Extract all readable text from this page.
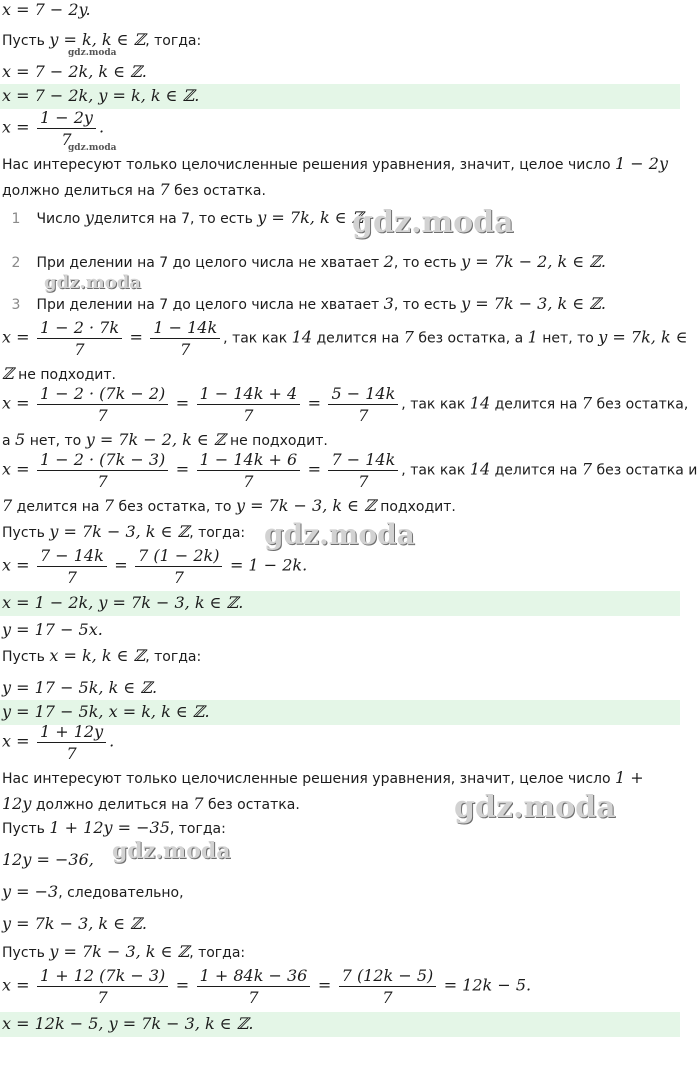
x = 7 − 2y.
Пусть y = k, k ∈ ℤ, тогда:
gdz.moda
x = 7 − 2k, k ∈ ℤ.
x = 7 − 2k, y = k, k ∈ ℤ.
$x = \frac{1 - 2y}{7}$ .
gdz.moda
Нас интересуют только целочисленные решения уравнения, значит, целое число 1 − 2y
должно делиться на 7 без остатка.
1 Число yделится на 7, то есть y = 7k, k ∈ ℤ.
2 При делении на 7 до целого числа не хватает 2, то есть y = 7k − 2, k ∈ ℤ.
3 При делении на 7 до целого числа не хватает 3, то есть y = 7k − 3, k ∈ ℤ.
$x = \frac{1 - 2 \cdot 7k}{7} = \frac{1 - 14k}{7}$ , так как 14 делится на 7 без остатка, а 1 нет, то y = 7k, k ∈
ℤ не подходит.
$x = \frac{1 - 2 \cdot (7k - 2)}{7} = \frac{1 - 14k + 4}{7} = \frac{5 - 14k}{7}$ , так как 14 делится на 7 без остатка,
а 5 нет, то y = 7k − 2, k ∈ ℤ не подходит.
$x = \frac{1 - 2 \cdot (7k - 3)}{7} = \frac{1 - 14k + 6}{7} = \frac{7 - 14k}{7}$ , так как 14 делится на 7 без остатка и
7 делится на 7 без остатка, то y = 7k − 3, k ∈ ℤ подходит.
Пусть y = 7k − 3, k ∈ ℤ, тогда:
$x = \frac{7 - 14k}{7} = \frac{7 (1 - 2k)}{7} = 1 - 2k$.
x = 1 − 2k, y = 7k − 3, k ∈ ℤ.
y = 17 − 5x.
Пусть x = k, k ∈ ℤ, тогда:
y = 17 − 5k, k ∈ ℤ.
y = 17 − 5k, x = k, k ∈ ℤ.
$x = \frac{1 + 12y}{7}$ .
Нас интересуют только целочисленные решения уравнения, значит, целое число 1 +
12y должно делиться на 7 без остатка.
Пусть 1 + 12y = −35, тогда:
12y = −36,
y = −3, следовательно,
y = 7k − 3, k ∈ ℤ.
Пусть y = 7k − 3, k ∈ ℤ, тогда:
$x = \frac{1 + 12 (7k - 3)}{7} = \frac{1 + 84k - 36}{7} = \frac{7 (12k - 5)}{7} = 12k - 5$.
x = 12k − 5, y = 7k − 3, k ∈ ℤ.
gdz.moda
gdz.moda
gdz.moda
gdz.moda
gdz.moda
